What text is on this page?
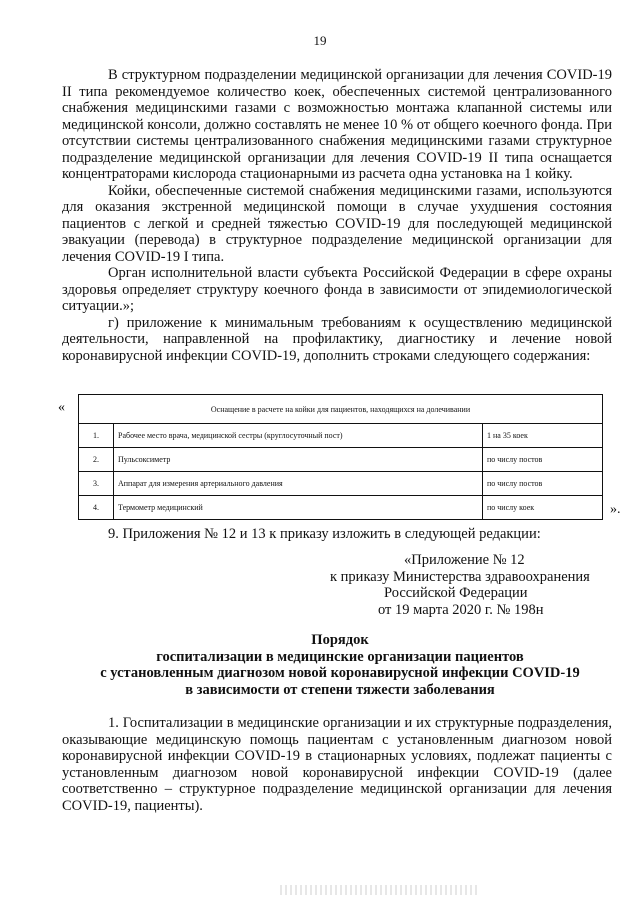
19

В структурном подразделении медицинской организации для лечения COVID-19 II типа рекомендуемое количество коек, обеспеченных системой централизованного снабжения медицинскими газами с возможностью монтажа клапанной системы или медицинской консоли, должно составлять не менее 10 % от общего коечного фонда. При отсутствии системы централизованного снабжения медицинскими газами структурное подразделение медицинской организации для лечения COVID-19 II типа оснащается концентраторами кислорода стационарными из расчета одна установка на 1 койку.

Койки, обеспеченные системой снабжения медицинскими газами, используются для оказания экстренной медицинской помощи в случае ухудшения состояния пациентов с легкой и средней тяжестью COVID-19 для последующей медицинской эвакуации (перевода) в структурное подразделение медицинской организации для лечения COVID-19 I типа.

Орган исполнительной власти субъекта Российской Федерации в сфере охраны здоровья определяет структуру коечного фонда в зависимости от эпидемиологической ситуации.»;

г) приложение к минимальным требованиям к осуществлению медицинской деятельности, направленной на профилактику, диагностику и лечение новой коронавирусной инфекции COVID-19, дополнить строками следующего содержания:

«	Оснащение в расчете на койки для пациентов, находящихся на долечивании		
1.	Рабочее место врача, медицинской сестры (круглосуточный пост)	1 на 35 коек
2.	Пульсоксиметр	по числу постов
3.	Аппарат для измерения артериального давления	по числу постов
4.	Термометр медицинский	по числу коек	».
9. Приложения № 12 и 13 к приказу изложить в следующей редакции:
«Приложение № 12
к приказу Министерства здравоохранения
Российской Федерации
от 19 марта 2020 г. № 198н
Порядок
госпитализации в медицинские организации пациентов
с установленным диагнозом новой коронавирусной инфекции COVID-19
в зависимости от степени тяжести заболевания

1. Госпитализации в медицинские организации и их структурные подразделения, оказывающие медицинскую помощь пациентам с установленным диагнозом новой коронавирусной инфекции COVID-19 в стационарных условиях, подлежат пациенты с установленным диагнозом новой коронавирусной инфекции COVID-19 (далее соответственно – структурное подразделение медицинской организации для лечения COVID-19, пациенты).
